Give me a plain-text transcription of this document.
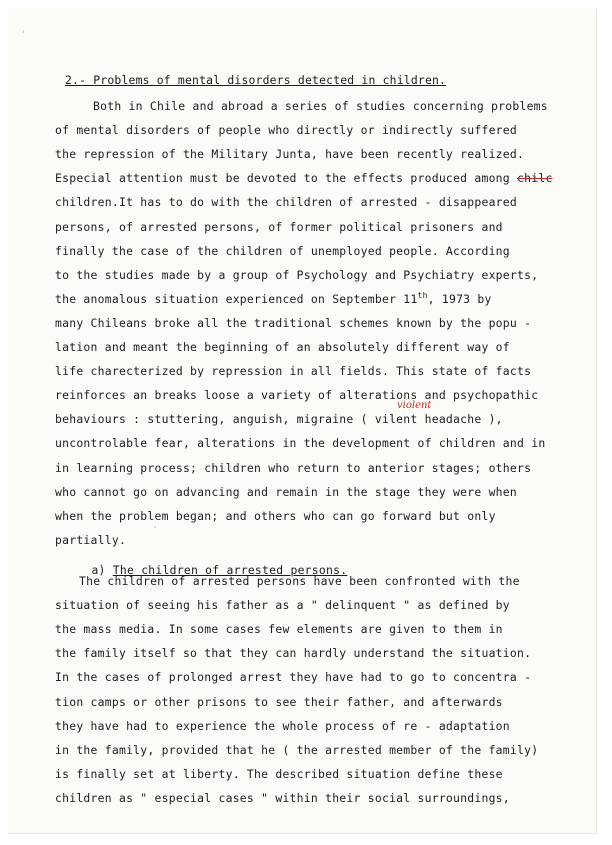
'
·
2.- Problems of mental disorders detected in children.
Both in Chile and abroad a series of studies concerning problems
of mental disorders of people who directly or indirectly suffered
the repression of the Military Junta, have been recently realized.
Especial attention must be devoted to the effects produced among chilc
children.It has to do with the children of arrested - disappeared
persons, of arrested persons, of former political prisoners and
finally the case of the children of unemployed people. According
to the studies made by a group of Psychology and Psychiatry experts,
the anomalous situation experienced on September 11th, 1973 by
many Chileans broke all the traditional schemes known by the popu -
lation and meant the beginning of an absolutely different way of
life charecterized by repression in all fields. This state of facts
reinforces an breaks loose a variety of alterations and psychopathic
behaviours : stuttering, anguish, migraine ( vilent headache ),
uncontrolable fear, alterations in the development of children and in
in learning process; children who return to anterior stages; others
who cannot go on advancing and remain in the stage they were when
when the problem began; and others who can go forward but only
partially.
violent

a) The children of arrested persons.

The children of arrested persons have been confronted with the
situation of seeing his father as a " delinquent " as defined by
the mass media. In some cases few elements are given to them in
the family itself so that they can hardly understand the situation.
In the cases of prolonged arrest they have had to go to concentra -
tion camps or other prisons to see their father, and afterwards
they have had to experience the whole process of re - adaptation
in the family, provided that he ( the arrested member of the family)
is finally set at liberty. The described situation define these
children as " especial cases " within their social surroundings,
